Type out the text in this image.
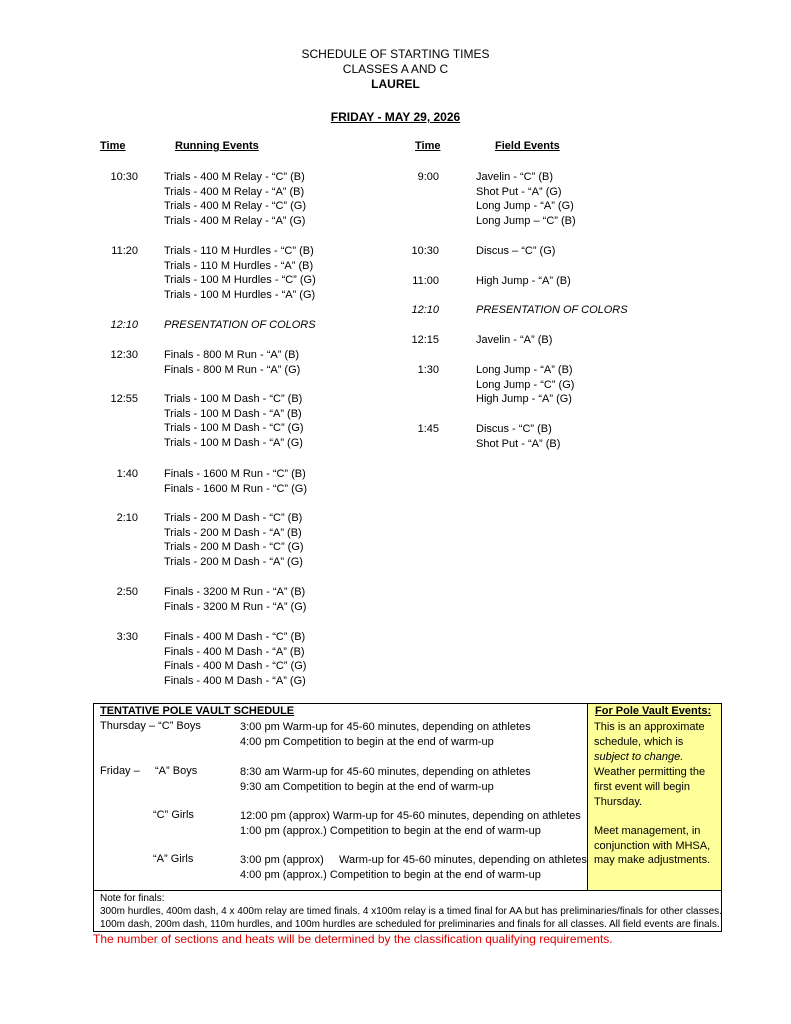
SCHEDULE OF STARTING TIMES
CLASSES A AND C
LAUREL
FRIDAY - MAY 29, 2026
Time	Running Events	Time	Field Events
10:30 Trials - 400 M Relay - “C” (B)
Trials - 400 M Relay - “A” (B)
Trials - 400 M Relay - “C” (G)
Trials - 400 M Relay - “A” (G)
11:20 Trials - 110 M Hurdles - “C” (B)
Trials - 110 M Hurdles - “A” (B)
Trials - 100 M Hurdles - “C” (G)
Trials - 100 M Hurdles - “A” (G)
12:10 PRESENTATION OF COLORS
12:30 Finals - 800 M Run - “A” (B)
Finals - 800 M Run - “A” (G)
12:55 Trials - 100 M Dash - “C” (B)
Trials - 100 M Dash - “A” (B)
Trials - 100 M Dash - “C” (G)
Trials - 100 M Dash - “A” (G)
1:40 Finals - 1600 M Run - “C” (B)
Finals - 1600 M Run - “C” (G)
2:10 Trials - 200 M Dash - “C” (B)
Trials - 200 M Dash - “A” (B)
Trials - 200 M Dash - “C” (G)
Trials - 200 M Dash - “A” (G)
2:50 Finals - 3200 M Run - “A” (B)
Finals - 3200 M Run - “A” (G)
3:30 Finals - 400 M Dash - “C” (B)
Finals - 400 M Dash - “A” (B)
Finals - 400 M Dash - “C” (G)
Finals - 400 M Dash - “A” (G)
9:00	Javelin - “C” (B)
Shot Put - “A” (G)
Long Jump - “A” (G)
Long Jump – “C” (B)
10:30	Discus – “C” (G)
11:00	High Jump - “A” (B)
12:10	PRESENTATION OF COLORS
12:15	Javelin - “A” (B)
1:30	Long Jump - “A” (B)
Long Jump - “C” (G)
High Jump - “A” (G)
1:45	Discus - “C” (B)
Shot Put - “A” (B)
TENTATIVE POLE VAULT SCHEDULE
Thursday – “C” Boys	3:00 pm Warm-up for 45-60 minutes, depending on athletes
4:00 pm Competition to begin at the end of warm-up
Friday –     “A” Boys	8:30 am Warm-up for 45-60 minutes, depending on athletes
9:30 am Competition to begin at the end of warm-up
“C” Girls	12:00 pm (approx) Warm-up for 45-60 minutes, depending on athletes
1:00 pm (approx.) Competition to begin at the end of warm-up
“A” Girls	3:00 pm (approx)     Warm-up for 45-60 minutes, depending on athletes
4:00 pm (approx.) Competition to begin at the end of warm-up
For Pole Vault Events:
This is an approximate
schedule, which is
subject to change.
Weather permitting the
first event will begin
Thursday.
Meet management, in
conjunction with MHSA,
may make adjustments.
Note for finals:
300m hurdles, 400m dash, 4 x 400m relay are timed finals. 4 x100m relay is a timed final for AA but has preliminaries/finals for other classes.
100m dash, 200m dash, 110m hurdles, and 100m hurdles are scheduled for preliminaries and finals for all classes. All field events are finals.
The number of sections and heats will be determined by the classification qualifying requirements.
